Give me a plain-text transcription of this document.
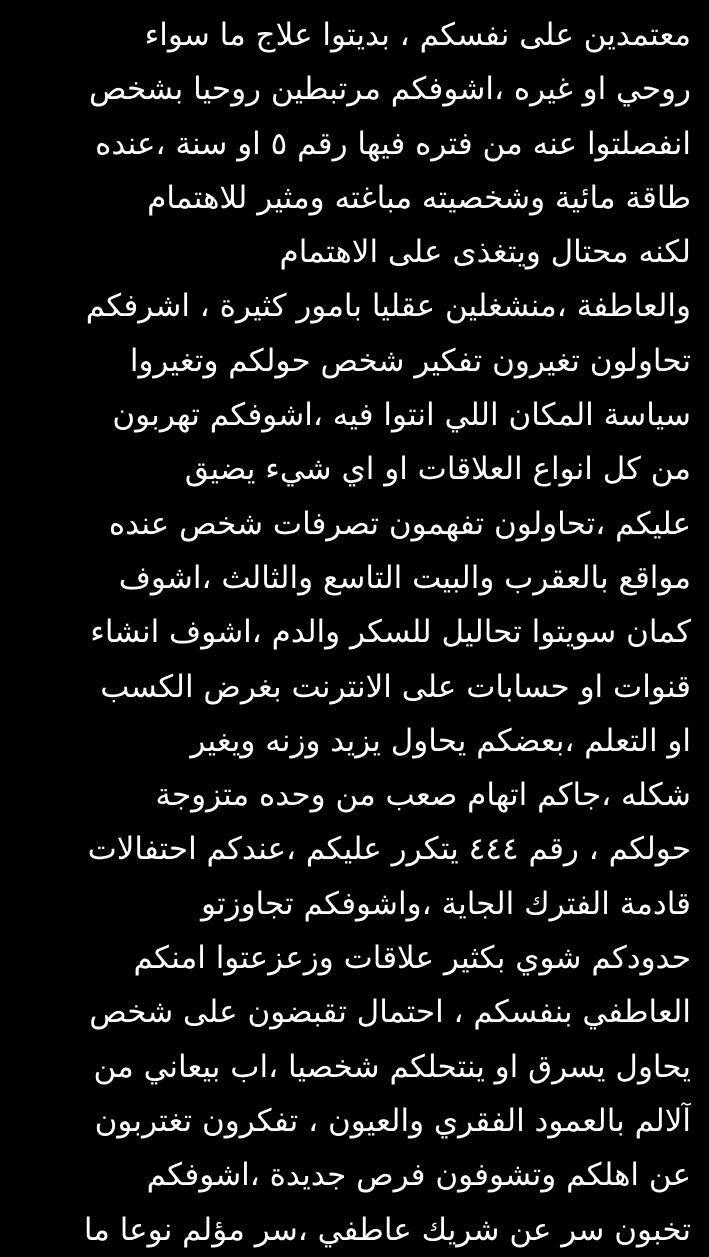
معتمدين على نفسكم ، بديتوا علاج ما سواء
روحي او غيره ،اشوفكم مرتبطين روحيا بشخص
انفصلتوا عنه من فتره فيها رقم ٥ او سنة ،عنده
طاقة مائية وشخصيته مباغته ومثير للاهتمام
لكنه محتال ويتغذى على الاهتمام
والعاطفة ،منشغلين عقليا بامور كثيرة ، اشرفكم
تحاولون تغيرون تفكير شخص حولكم وتغيروا
سياسة المكان اللي انتوا فيه ،اشوفكم تهربون
من كل انواع العلاقات او اي شيء يضيق
عليكم ،تحاولون تفهمون تصرفات شخص عنده
مواقع بالعقرب والبيت التاسع والثالث ،اشوف
كمان سويتوا تحاليل للسكر والدم ،اشوف انشاء
قنوات او حسابات على الانترنت بغرض الكسب
او التعلم ،بعضكم يحاول يزيد وزنه ويغير
شكله ،جاكم اتهام صعب من وحده متزوجة
حولكم ، رقم ٤٤٤ يتكرر عليكم ،عندكم احتفالات
قادمة الفترك الجاية ،واشوفكم تجاوزتو
حدودكم شوي بكثير علاقات وزعزعتوا امنكم
العاطفي بنفسكم ، احتمال تقبضون على شخص
يحاول يسرق او ينتحلكم شخصيا ،اب بيعاني من
آلالم بالعمود الفقري والعيون ، تفكرون تغتربون
عن اهلكم وتشوفون فرص جديدة ،اشوفكم
تخبون سر عن شريك عاطفي ،سر مؤلم نوعا ما
